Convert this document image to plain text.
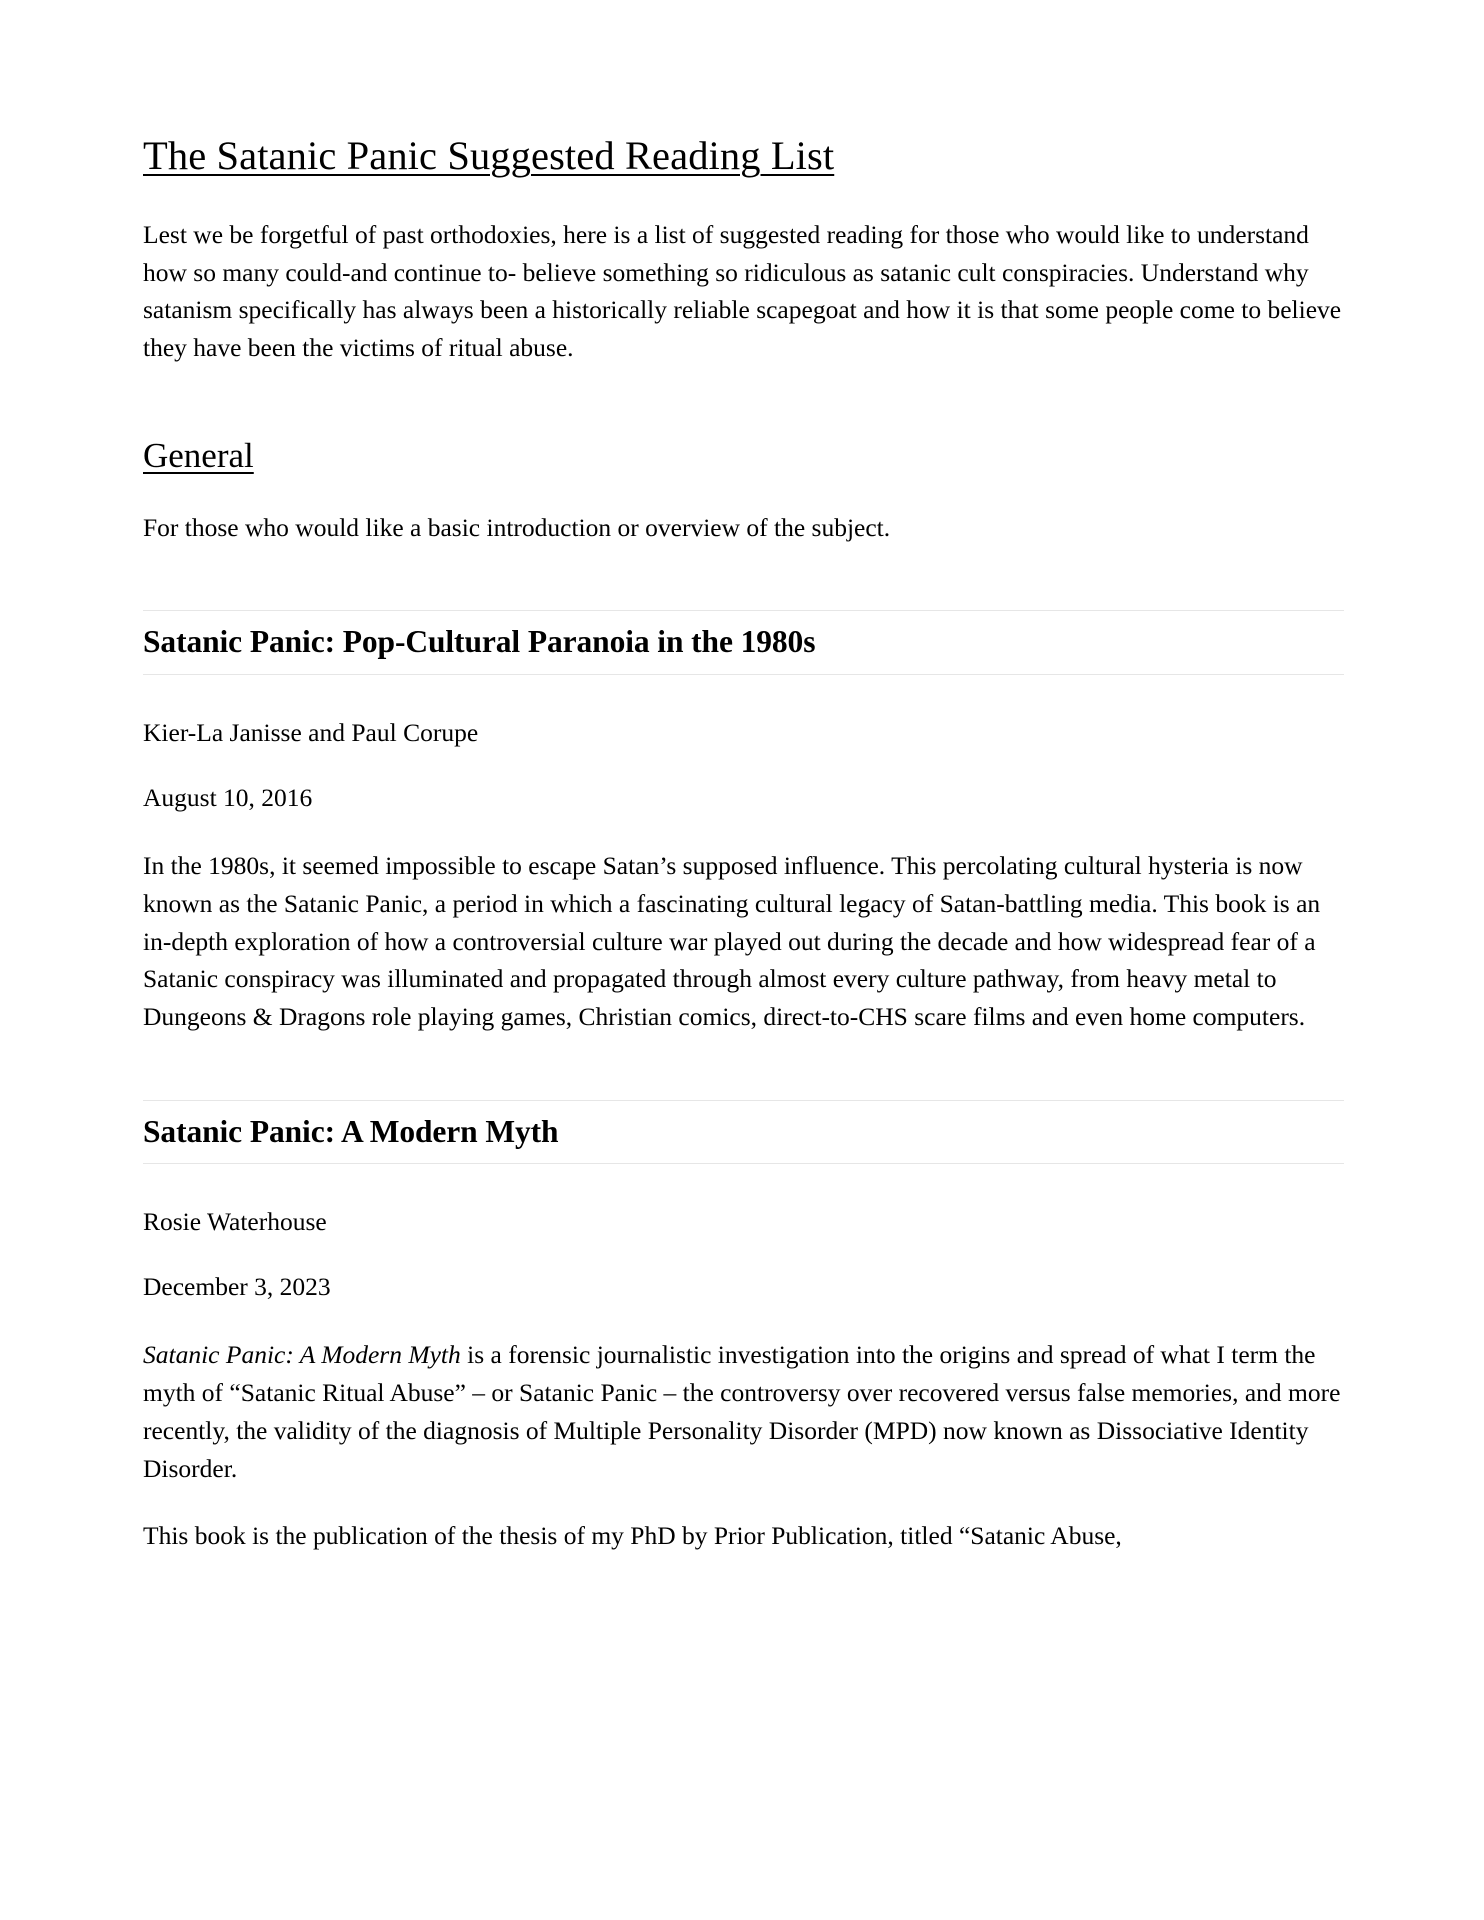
The Satanic Panic Suggested Reading List

Lest we be forgetful of past orthodoxies, here is a list of suggested reading for those who would like to understand how so many could-and continue to- believe something so ridiculous as satanic cult conspiracies. Understand why satanism specifically has always been a historically reliable scapegoat and how it is that some people come to believe they have been the victims of ritual abuse.

General

For those who would like a basic introduction or overview of the subject.

Satanic Panic: Pop-Cultural Paranoia in the 1980s

Kier-La Janisse and Paul Corupe

August 10, 2016

In the 1980s, it seemed impossible to escape Satan’s supposed influence. This percolating cultural hysteria is now known as the Satanic Panic, a period in which a fascinating cultural legacy of Satan-battling media. This book is an in-depth exploration of how a controversial culture war played out during the decade and how widespread fear of a Satanic conspiracy was illuminated and propagated through almost every culture pathway, from heavy metal to Dungeons & Dragons role playing games, Christian comics, direct-to-CHS scare films and even home computers.

Satanic Panic: A Modern Myth

Rosie Waterhouse

December 3, 2023

Satanic Panic: A Modern Myth is a forensic journalistic investigation into the origins and spread of what I term the myth of “Satanic Ritual Abuse” – or Satanic Panic – the controversy over recovered versus false memories, and more recently, the validity of the diagnosis of Multiple Personality Disorder (MPD) now known as Dissociative Identity Disorder.

This book is the publication of the thesis of my PhD by Prior Publication, titled “Satanic Abuse,
